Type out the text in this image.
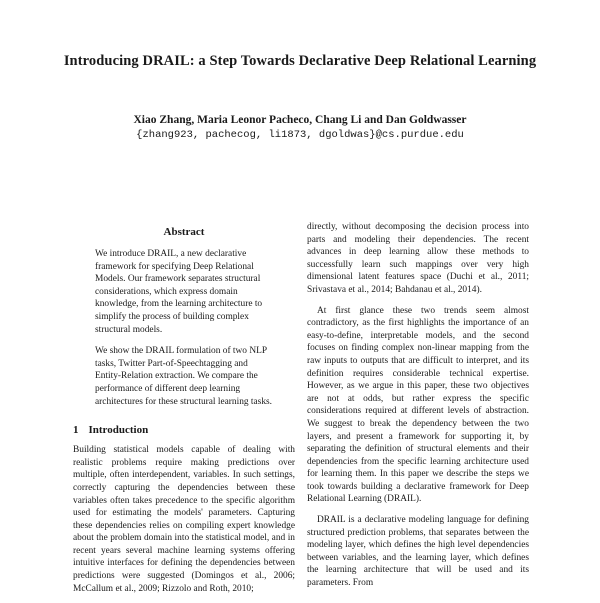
Introducing DRAIL: a Step Towards Declarative Deep Relational Learning
Xiao Zhang, Maria Leonor Pacheco, Chang Li and Dan Goldwasser
{zhang923, pachecog, li1873, dgoldwas}@cs.purdue.edu
Abstract

We introduce DRAIL, a new declarative framework for specifying Deep Relational Models. Our framework separates structural considerations, which express domain knowledge, from the learning architecture to simplify the process of building complex structural models.

We show the DRAIL formulation of two NLP tasks, Twitter Part-of-Speechtagging and Entity-Relation extraction. We compare the performance of different deep learning architectures for these structural learning tasks.

1 Introduction

Building statistical models capable of dealing with realistic problems require making predictions over multiple, often interdependent, variables. In such settings, correctly capturing the dependencies between these variables often takes precedence to the specific algorithm used for estimating the models' parameters. Capturing these dependencies relies on compiling expert knowledge about the problem domain into the statistical model, and in recent years several machine learning systems offering intuitive interfaces for defining the dependencies between predictions were suggested (Domingos et al., 2006; McCallum et al., 2009; Rizzolo and Roth, 2010;

directly, without decomposing the decision process into parts and modeling their dependencies. The recent advances in deep learning allow these methods to successfully learn such mappings over very high dimensional latent features space (Duchi et al., 2011; Srivastava et al., 2014; Bahdanau et al., 2014).

At first glance these two trends seem almost contradictory, as the first highlights the importance of an easy-to-define, interpretable models, and the second focuses on finding complex non-linear mapping from the raw inputs to outputs that are difficult to interpret, and its definition requires considerable technical expertise. However, as we argue in this paper, these two objectives are not at odds, but rather express the specific considerations required at different levels of abstraction. We suggest to break the dependency between the two layers, and present a framework for supporting it, by separating the definition of structural elements and their dependencies from the specific learning architecture used for learning them. In this paper we describe the steps we took towards building a declarative framework for Deep Relational Learning (DRAIL).

DRAIL is a declarative modeling language for defining structured prediction problems, that separates between the modeling layer, which defines the high level dependencies between variables, and the learning layer, which defines the learning architecture that will be used and its parameters. From
